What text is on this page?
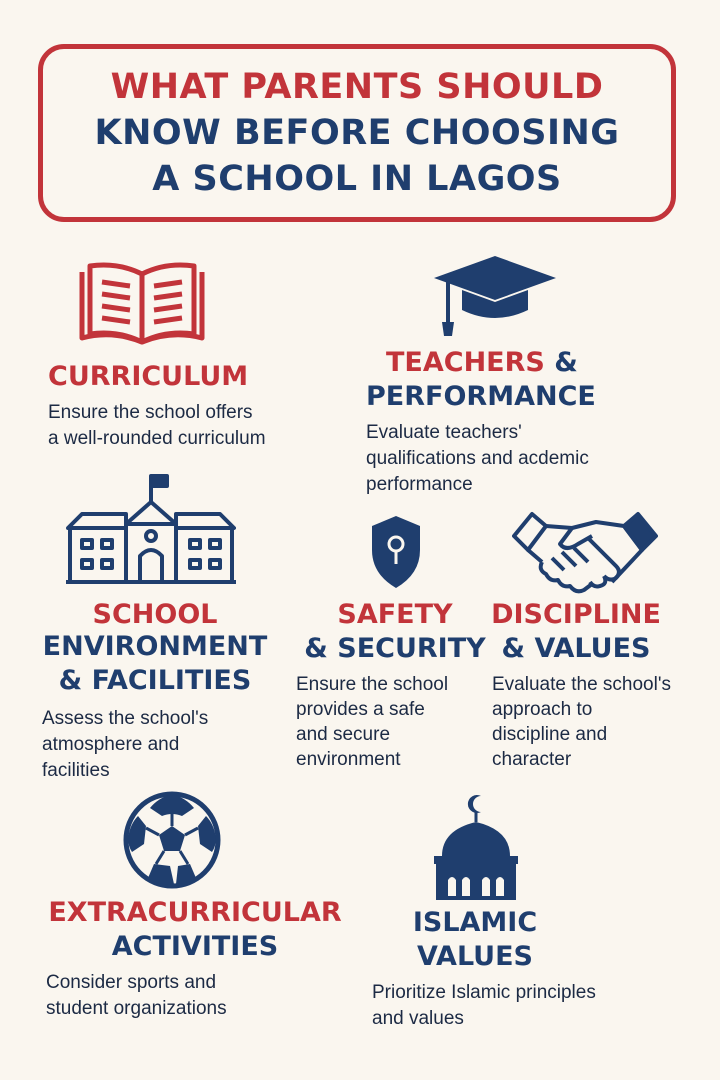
WHAT PARENTS SHOULD
KNOW BEFORE CHOOSING
A SCHOOL IN LAGOS
CURRICULUM
Ensure the school offers
a well-rounded curriculum
TEACHERS &
PERFORMANCE
Evaluate teachers'
qualifications and acdemic
performance
SCHOOL
ENVIRONMENT
& FACILITIES
Assess the school's
atmosphere and
facilities
SAFETY
& SECURITY
Ensure the school
provides a safe
and secure
environment
DISCIPLINE
& VALUES
Evaluate the school's
approach to
discipline and
character
EXTRACURRICULAR
ACTIVITIES
Consider sports and
student organizations
ISLAMIC
VALUES
Prioritize Islamic principles
and values
